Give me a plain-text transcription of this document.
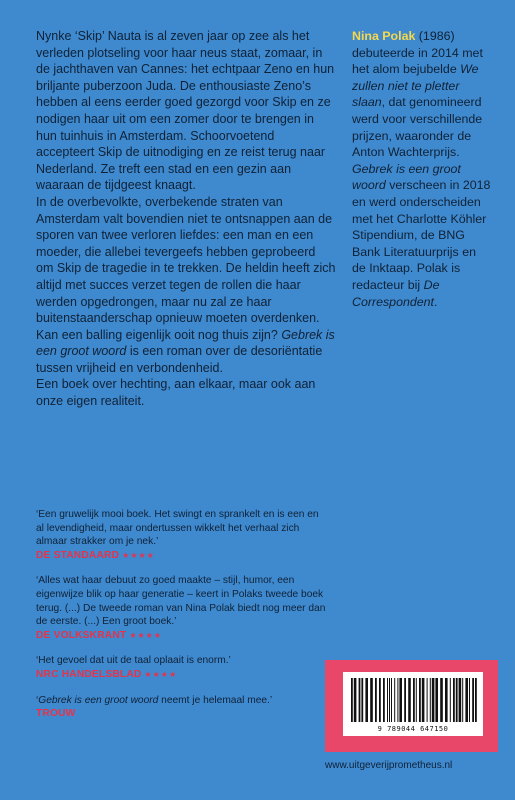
Nynke ‘Skip’ Nauta is al zeven jaar op zee als het verleden plotseling voor haar neus staat, zomaar, in de jachthaven van Cannes: het echtpaar Zeno en hun briljante puberzoon Juda. De enthousiaste Zeno’s hebben al eens eerder goed gezorgd voor Skip en ze nodigen haar uit om een zomer door te brengen in hun tuinhuis in Amsterdam. Schoorvoetend accepteert Skip de uitnodiging en ze reist terug naar Nederland. Ze treft een stad en een gezin aan waaraan de tijdgeest knaagt.

In de overbevolkte, overbekende straten van Amsterdam valt bovendien niet te ontsnappen aan de sporen van twee verloren liefdes: een man en een moeder, die allebei tevergeefs hebben geprobeerd om Skip de tragedie in te trekken. De heldin heeft zich altijd met succes verzet tegen de rollen die haar werden opgedrongen, maar nu zal ze haar buitenstaanderschap opnieuw moeten overdenken. Kan een balling eigenlijk ooit nog thuis zijn? Gebrek is een groot woord is een roman over de desoriëntatie tussen vrijheid en verbondenheid.

Een boek over hechting, aan elkaar, maar ook aan onze eigen realiteit.

Nina Polak (1986) debuteerde in 2014 met het alom bejubelde We zullen niet te pletter slaan, dat genomineerd werd voor verschillende prijzen, waaronder de Anton Wachterprijs. Gebrek is een groot woord verscheen in 2018 en werd onderscheiden met het Charlotte Köhler Stipendium, de BNG Bank Literatuurprijs en de Inktaap. Polak is redacteur bij De Correspondent.
‘Een gruwelijk mooi boek. Het swingt en sprankelt en is een en al levendigheid, maar ondertussen wikkelt het verhaal zich almaar strakker om je nek.’
DE STANDAARD ★★★★
‘Alles wat haar debuut zo goed maakte – stijl, humor, een eigenwijze blik op haar generatie – keert in Polaks tweede boek terug. (...) De tweede roman van Nina Polak biedt nog meer dan de eerste. (...) Een groot boek.’
DE VOLKSKRANT ★★★★
‘Het gevoel dat uit de taal oplaait is enorm.’
NRC HANDELSBLAD ★★★★
‘Gebrek is een groot woord neemt je helemaal mee.’
TROUW
9 789044 647150
www.uitgeverijprometheus.nl
